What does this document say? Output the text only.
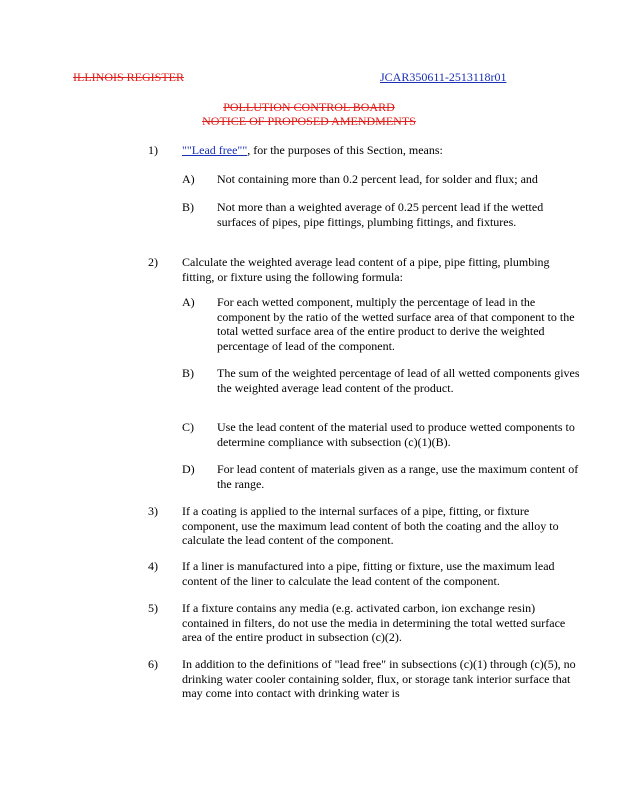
ILLINOIS REGISTER	JCAR350611-2513118r01
POLLUTION CONTROL BOARD
NOTICE OF PROPOSED AMENDMENTS
1) ""Lead free"", for the purposes of this Section, means:
A) Not containing more than 0.2 percent lead, for solder and flux; and
B) Not more than a weighted average of 0.25 percent lead if the wetted surfaces of pipes, pipe fittings, plumbing fittings, and fixtures.
2) Calculate the weighted average lead content of a pipe, pipe fitting, plumbing fitting, or fixture using the following formula:
A) For each wetted component, multiply the percentage of lead in the component by the ratio of the wetted surface area of that component to the total wetted surface area of the entire product to derive the weighted percentage of lead of the component.
B) The sum of the weighted percentage of lead of all wetted components gives the weighted average lead content of the product.
C) Use the lead content of the material used to produce wetted components to determine compliance with subsection (c)(1)(B).
D) For lead content of materials given as a range, use the maximum content of the range.
3) If a coating is applied to the internal surfaces of a pipe, fitting, or fixture component, use the maximum lead content of both the coating and the alloy to calculate the lead content of the component.
4) If a liner is manufactured into a pipe, fitting or fixture, use the maximum lead content of the liner to calculate the lead content of the component.
5) If a fixture contains any media (e.g. activated carbon, ion exchange resin) contained in filters, do not use the media in determining the total wetted surface area of the entire product in subsection (c)(2).
6) In addition to the definitions of "lead free" in subsections (c)(1) through (c)(5), no drinking water cooler containing solder, flux, or storage tank interior surface that may come into contact with drinking water is
